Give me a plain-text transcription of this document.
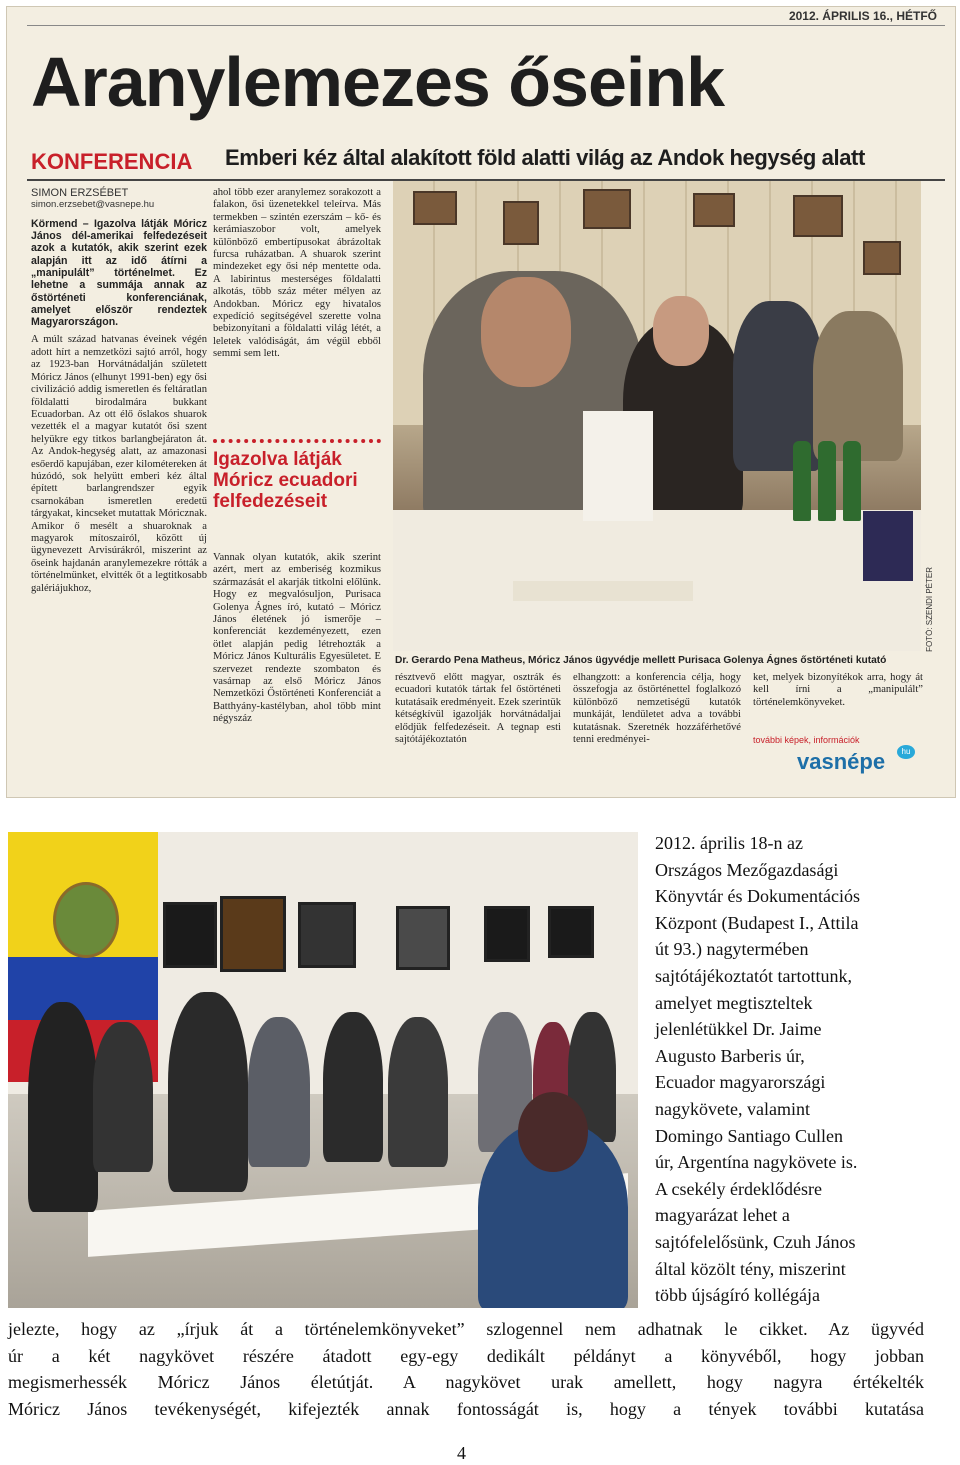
2012. ÁPRILIS 16., HÉTFŐ
Aranylemezes őseink
KONFERENCIA Emberi kéz által alakított föld alatti világ az Andok hegység alatt
SIMON ERZSÉBET
simon.erzsebet@vasnepe.hu
Körmend – Igazolva látják Móricz János dél-amerikai felfedezéseit azok a kutatók, akik szerint ezek alapján itt az idő átírni a „manipulált” történelmet. Ez lehetne a summája annak az őstörténeti konferenciának, amelyet először rendeztek Magyarországon.

A múlt század hatvanas éveinek végén adott hírt a nemzetközi sajtó arról, hogy az 1923-ban Horvátnádalján született Móricz János (elhunyt 1991-ben) egy ősi civilizáció addig ismeretlen és feltáratlan földalatti birodalmára bukkant Ecuadorban. Az ott élő őslakos shuarok vezették el a magyar kutatót ősi szent helyükre egy titkos barlangbejáraton át. Az Andok-hegység alatt, az amazonasi esőerdő kapujában, ezer kilométereken át húzódó, sok helyütt emberi kéz által épített barlangrendszer egyik csarnokában ismeretlen eredetű tárgyakat, kincseket mutattak Móricznak. Amikor ő mesélt a shuaroknak a magyarok mítoszairól, között új ügynevezett Arvisúrákról, miszerint az őseink hajdanán aranylemezekre rótták a történelmünket, elvitték őt a legtitkosabb galériájukhoz,

ahol több ezer aranylemez sorakozott a falakon, ősi üzenetekkel teleírva. Más termekben – szintén ezerszám – kő- és kerámiaszobor volt, amelyek különböző embertípusokat ábrázoltak furcsa ruházatban. A shuarok szerint mindezeket egy ősi nép mentette oda. A labirintus mesterséges földalatti alkotás, több száz méter mélyen az Andokban. Móricz egy hivatalos expedíció segítségével szerette volna bebizonyítani a földalatti világ létét, a leletek valódiságát, ám végül ebből semmi sem lett.

Igazolva látják Móricz ecuadori felfedezéseit

Vannak olyan kutatók, akik szerint azért, mert az emberiség kozmikus származását el akarják titkolni előlünk. Hogy ez megvalósuljon, Purisaca Golenya Ágnes író, kutató – Móricz János életének jó ismerője – konferenciát kezdeményezett, ezen ötlet alapján pedig létrehozták a Móricz János Kulturális Egyesületet. E szervezet rendezte szombaton és vasárnap az első Móricz János Nemzetközi Őstörténeti Konferenciát a Batthyány-kastélyban, ahol több mint négyszáz

FOTÓ: SZENDI PÉTER
Dr. Gerardo Pena Matheus, Móricz János ügyvédje mellett Purisaca Golenya Ágnes őstörténeti kutató

résztvevő előtt magyar, osztrák és ecuadori kutatók tártak fel őstörténeti kutatásaik eredményeit. Ezek szerintük kétségkívül igazolják horvátnádaljai elődjük felfedezéseit. A tegnap esti sajtótájékoztatón

elhangzott: a konferencia célja, hogy összefogja az őstörténettel foglalkozó különböző nemzetiségű kutatók munkáját, lendületet adva a további kutatásnak. Szeretnék hozzáférhetővé tenni eredményei-

ket, melyek bizonyítékok arra, hogy át kell írni a „manipulált” történelemkönyveket.

további képek, információk
vasnépe	hu
2012. április 18-n az
Országos Mezőgazdasági
Könyvtár és Dokumentációs
Központ (Budapest I., Attila
út 93.) nagytermében
sajtótájékoztatót tartottunk,
amelyet megtiszteltek
jelenlétükkel Dr. Jaime
Augusto Barberis úr,
Ecuador magyarországi
nagykövete, valamint
Domingo Santiago Cullen
úr, Argentína nagykövete is.
A csekély érdeklődésre
magyarázat lehet a
sajtófelelősünk, Czuh János
által közölt tény, miszerint
több újságíró kollégája
jelezte, hogy az „írjuk át a történelemkönyveket” szlogennel nem adhatnak le cikket. Az ügyvéd
úr a két nagykövet részére átadott egy-egy dedikált példányt a könyvéből, hogy jobban
megismerhessék Móricz János életútját. A nagykövet urak amellett, hogy nagyra értékelték
Móricz János tevékenységét, kifejezték annak fontosságát is, hogy a tények további kutatása
4
